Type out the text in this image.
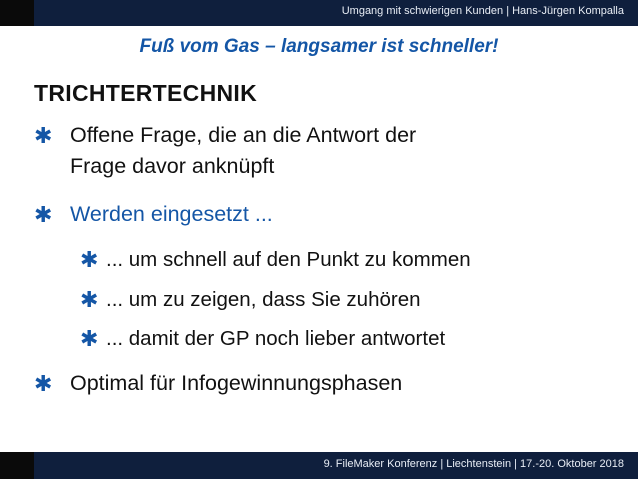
Umgang mit schwierigen Kunden | Hans-Jürgen Kompalla
Fuß vom Gas – langsamer ist schneller!
TRICHTERTECHNIK
✱ Offene Frage, die an die Antwort der
Frage davor anknüpft
✱ Werden eingesetzt ...
✱ ... um schnell auf den Punkt zu kommen
✱ ... um zu zeigen, dass Sie zuhören
✱ ... damit der GP noch lieber antwortet
✱ Optimal für Infogewinnungsphasen
9. FileMaker Konferenz | Liechtenstein | 17.-20. Oktober 2018
